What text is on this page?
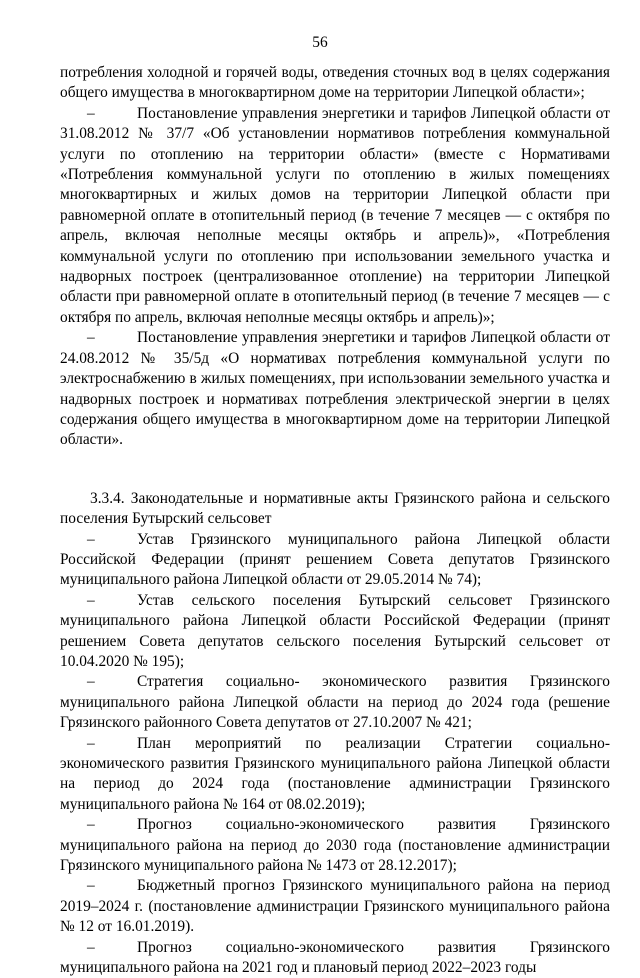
56

потребления холодной и горячей воды, отведения сточных вод в целях содержания общего имущества в многоквартирном доме на территории Липецкой области»;

–	Постановление управления энергетики и тарифов Липецкой области от 31.08.2012 № 37/7 «Об установлении нормативов потребления коммунальной услуги по отоплению на территории области» (вместе с Нормативами «Потребления коммунальной услуги по отоплению в жилых помещениях многоквартирных и жилых домов на территории Липецкой области при равномерной оплате в отопительный период (в течение 7 месяцев — с октября по апрель, включая неполные месяцы октябрь и апрель)», «Потребления коммунальной услуги по отоплению при использовании земельного участка и надворных построек (централизованное отопление) на территории Липецкой области при равномерной оплате в отопительный период (в течение 7 месяцев — с октября по апрель, включая неполные месяцы октябрь и апрель)»;

–	Постановление управления энергетики и тарифов Липецкой области от 24.08.2012 № 35/5д «О нормативах потребления коммунальной услуги по электроснабжению в жилых помещениях, при использовании земельного участка и надворных построек и нормативах потребления электрической энергии в целях содержания общего имущества в многоквартирном доме на территории Липецкой области».

3.3.4. Законодательные и нормативные акты Грязинского района и сельского поселения Бутырский сельсовет

–	Устав Грязинского муниципального района Липецкой области Российской Федерации (принят решением Совета депутатов Грязинского муниципального района Липецкой области от 29.05.2014 № 74);

–	Устав сельского поселения Бутырский сельсовет Грязинского муниципального района Липецкой области Российской Федерации (принят решением Совета депутатов сельского поселения Бутырский сельсовет от 10.04.2020 № 195);

–	Стратегия социально- экономического развития Грязинского муниципального района Липецкой области на период до 2024 года (решение Грязинского районного Совета депутатов от 27.10.2007 № 421;

–	План мероприятий по реализации Стратегии социально-экономического развития Грязинского муниципального района Липецкой области на период до 2024 года (постановление администрации Грязинского муниципального района № 164 от 08.02.2019);

–	Прогноз социально-экономического развития Грязинского муниципального района на период до 2030 года (постановление администрации Грязинского муниципального района № 1473 от 28.12.2017);

–	Бюджетный прогноз Грязинского муниципального района на период 2019–2024 г. (постановление администрации Грязинского муниципального района № 12 от 16.01.2019).

–	Прогноз социально-экономического развития Грязинского муниципального района на 2021 год и плановый период 2022–2023 годы
